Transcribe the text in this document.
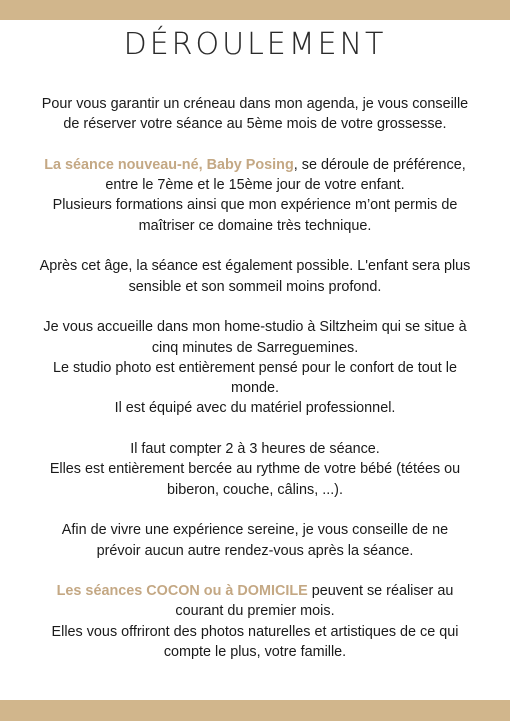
DÉROULEMENT
Pour vous garantir un créneau dans mon agenda, je vous conseille
de réserver votre séance au 5ème mois de votre grossesse.
La séance nouveau-né, Baby Posing, se déroule de préférence,
entre le 7ème et le 15ème jour de votre enfant.
Plusieurs formations ainsi que mon expérience m’ont permis de
maîtriser ce domaine très technique.
Après cet âge, la séance est également possible. L'enfant sera plus
sensible et son sommeil moins profond.
Je vous accueille dans mon home-studio à Siltzheim qui se situe à
cinq minutes de Sarreguemines.
Le studio photo est entièrement pensé pour le confort de tout le
monde.
Il est équipé avec du matériel professionnel.
Il faut compter 2 à 3 heures de séance.
Elles est entièrement bercée au rythme de votre bébé (tétées ou
biberon, couche, câlins, ...).
Afin de vivre une expérience sereine, je vous conseille de ne
prévoir aucun autre rendez-vous après la séance.
Les séances COCON ou à DOMICILE peuvent se réaliser au
courant du premier mois.
Elles vous offriront des photos naturelles et artistiques de ce qui
compte le plus, votre famille.
